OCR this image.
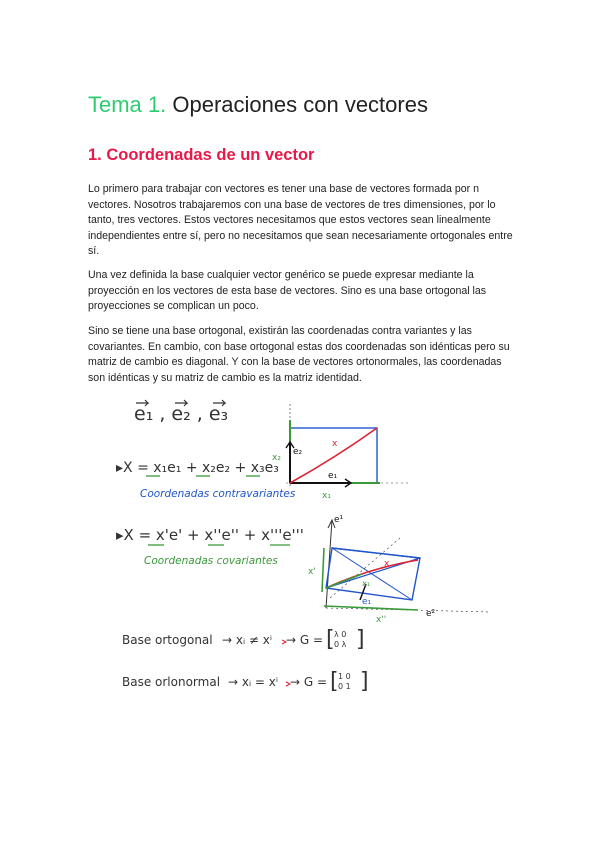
Tema 1. Operaciones con vectores
1. Coordenadas de un vector

Lo primero para trabajar con vectores es tener una base de vectores formada por n vectores. Nosotros trabajaremos con una base de vectores de tres dimensiones, por lo tanto, tres vectores. Estos vectores necesitamos que estos vectores sean linealmente independientes entre sí, pero no necesitamos que sean necesariamente ortogonales entre sí.

Una vez definida la base cualquier vector genérico se puede expresar mediante la proyección en los vectores de esta base de vectores. Sino es una base ortogonal las proyecciones se complican un poco.

Sino se tiene una base ortogonal, existirán las coordenadas contra variantes y las covariantes. En cambio, con base ortogonal estas dos coordenadas son idénticas pero su matriz de cambio es diagonal. Y con la base de vectores ortonormales, las coordenadas son idénticas y su matriz de cambio es la matriz identidad.

e₁ , e₂ , e₃
▸X = x₁e₁ + x₂e₂ + x₃e₃
Coordenadas contravariantes
x
e₂
e₁
x₂
x₁
▸X = x'e' + x''e'' + x'''e'''
Coordenadas covariantes
e¹
x'
x
x₁
e₁
e²
x''
Base ortogonal → xᵢ ≠ xⁱ → G = [ λ 0
0 λ ]
Base orlonormal → xᵢ = xⁱ → G = [ 1 0
0 1 ]
